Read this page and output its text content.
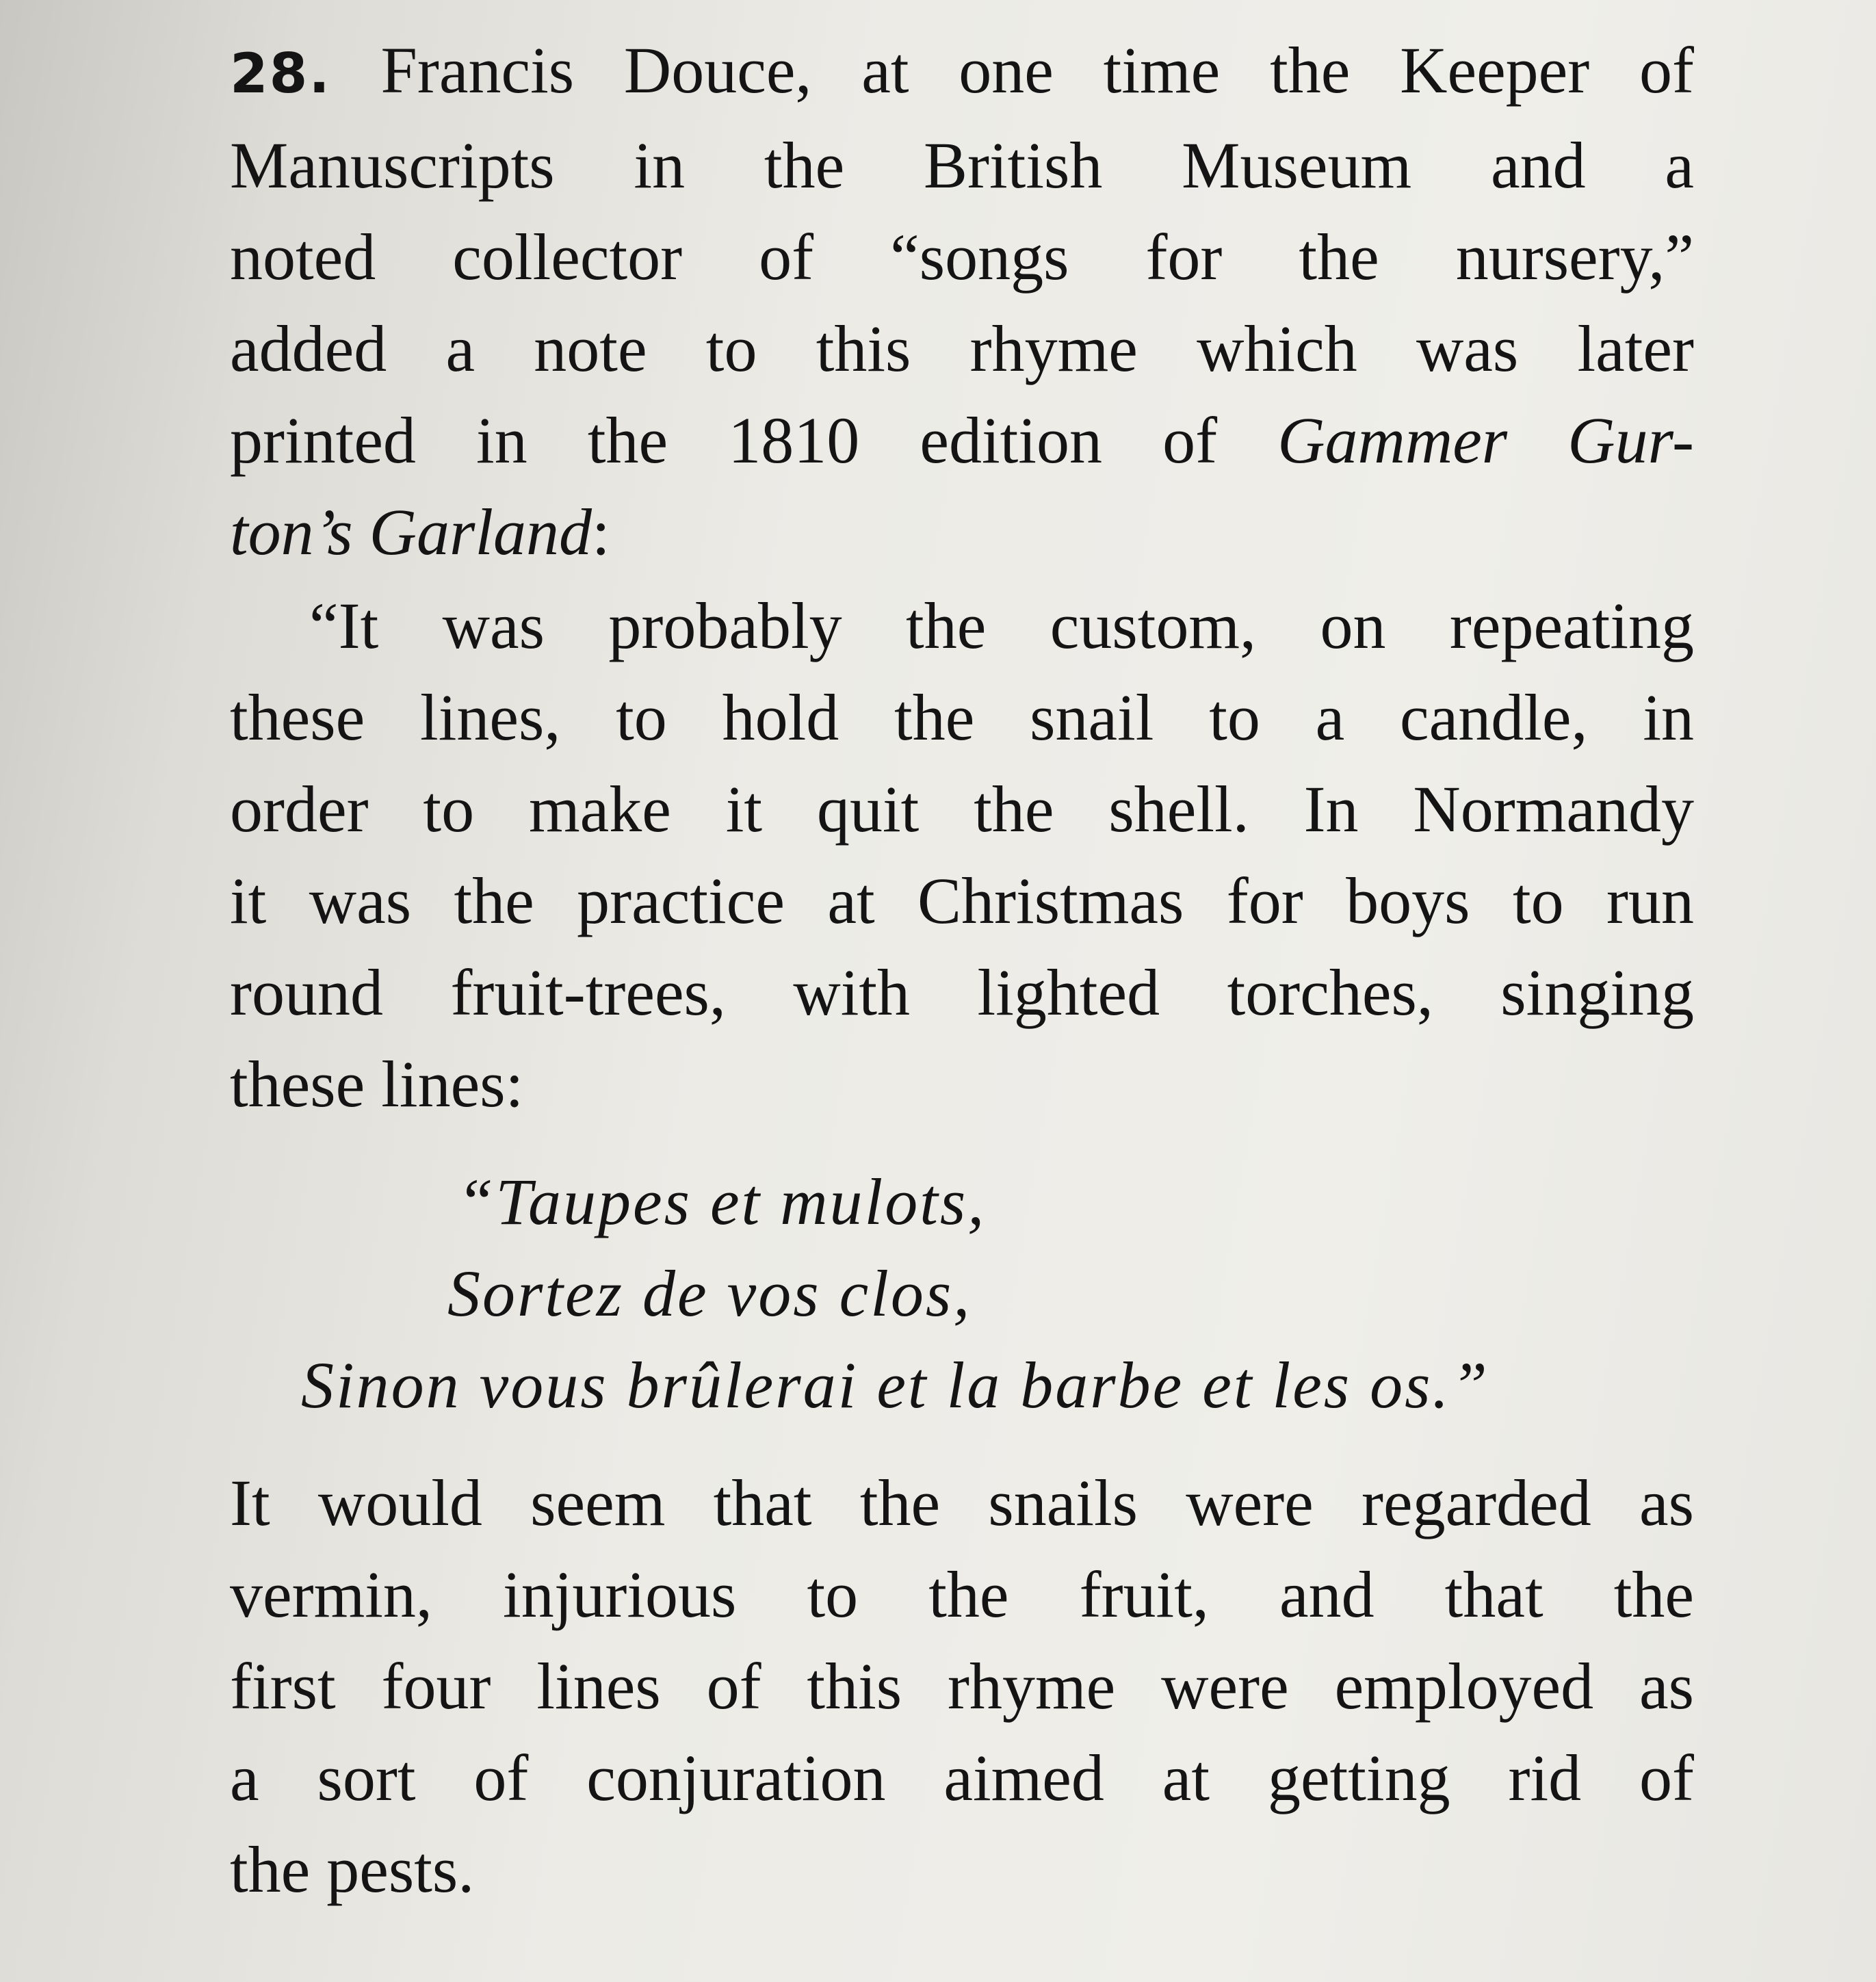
28. Francis Douce, at one time the Keeper of
Manuscripts in the British Museum and a
noted collector of “songs for the nursery,”
added a note to this rhyme which was later
printed in the 1810 edition of Gammer Gur-
ton’s Garland:
“It was probably the custom, on repeating
these lines, to hold the snail to a candle, in
order to make it quit the shell. In Normandy
it was the practice at Christmas for boys to run
round fruit-trees, with lighted torches, singing
these lines:
“Taupes et mulots,
Sortez de vos clos,
Sinon vous brûlerai et la barbe et les os.”
It would seem that the snails were regarded as
vermin, injurious to the fruit, and that the
first four lines of this rhyme were employed as
a sort of conjuration aimed at getting rid of
the pests.
